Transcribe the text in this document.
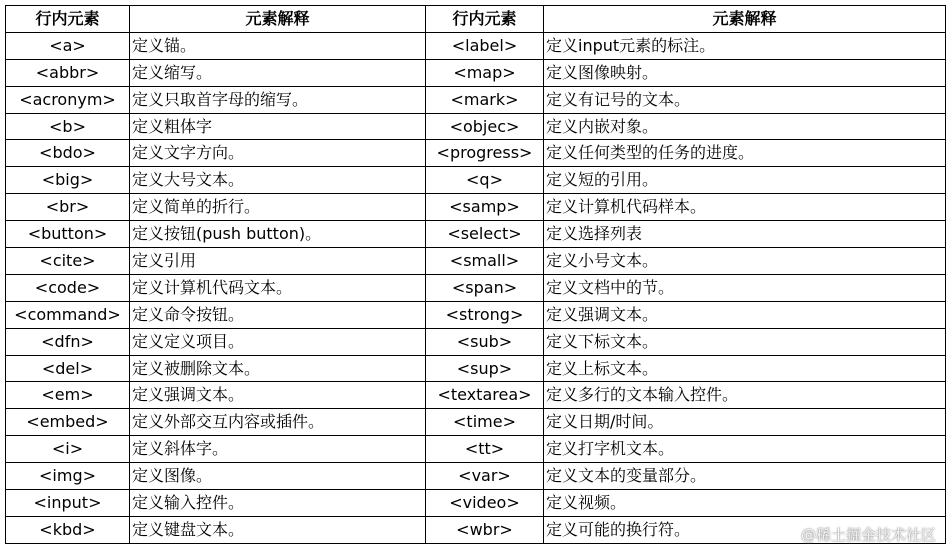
行内元素	元素解释	行内元素	元素解释
<a>	定义锚。	<label>	定义input元素的标注。
<abbr>	定义缩写。	<map>	定义图像映射。
<acronym>	定义只取首字母的缩写。	<mark>	定义有记号的文本。
<b>	定义粗体字	<objec>	定义内嵌对象。
<bdo>	定义文字方向。	<progress>	定义任何类型的任务的进度。
<big>	定义大号文本。	<q>	定义短的引用。
<br>	定义简单的折行。	<samp>	定义计算机代码样本。
<button>	定义按钮(push button)。	<select>	定义选择列表
<cite>	定义引用	<small>	定义小号文本。
<code>	定义计算机代码文本。	<span>	定义文档中的节。
<command>	定义命令按钮。	<strong>	定义强调文本。
<dfn>	定义定义项目。	<sub>	定义下标文本。
<del>	定义被删除文本。	<sup>	定义上标文本。
<em>	定义强调文本。	<textarea>	定义多行的文本输入控件。
<embed>	定义外部交互内容或插件。	<time>	定义日期/时间。
<i>	定义斜体字。	<tt>	定义打字机文本。
<img>	定义图像。	<var>	定义文本的变量部分。
<input>	定义输入控件。	<video>	定义视频。
<kbd>	定义键盘文本。	<wbr>	定义可能的换行符。	@稀土掘金技术社区
